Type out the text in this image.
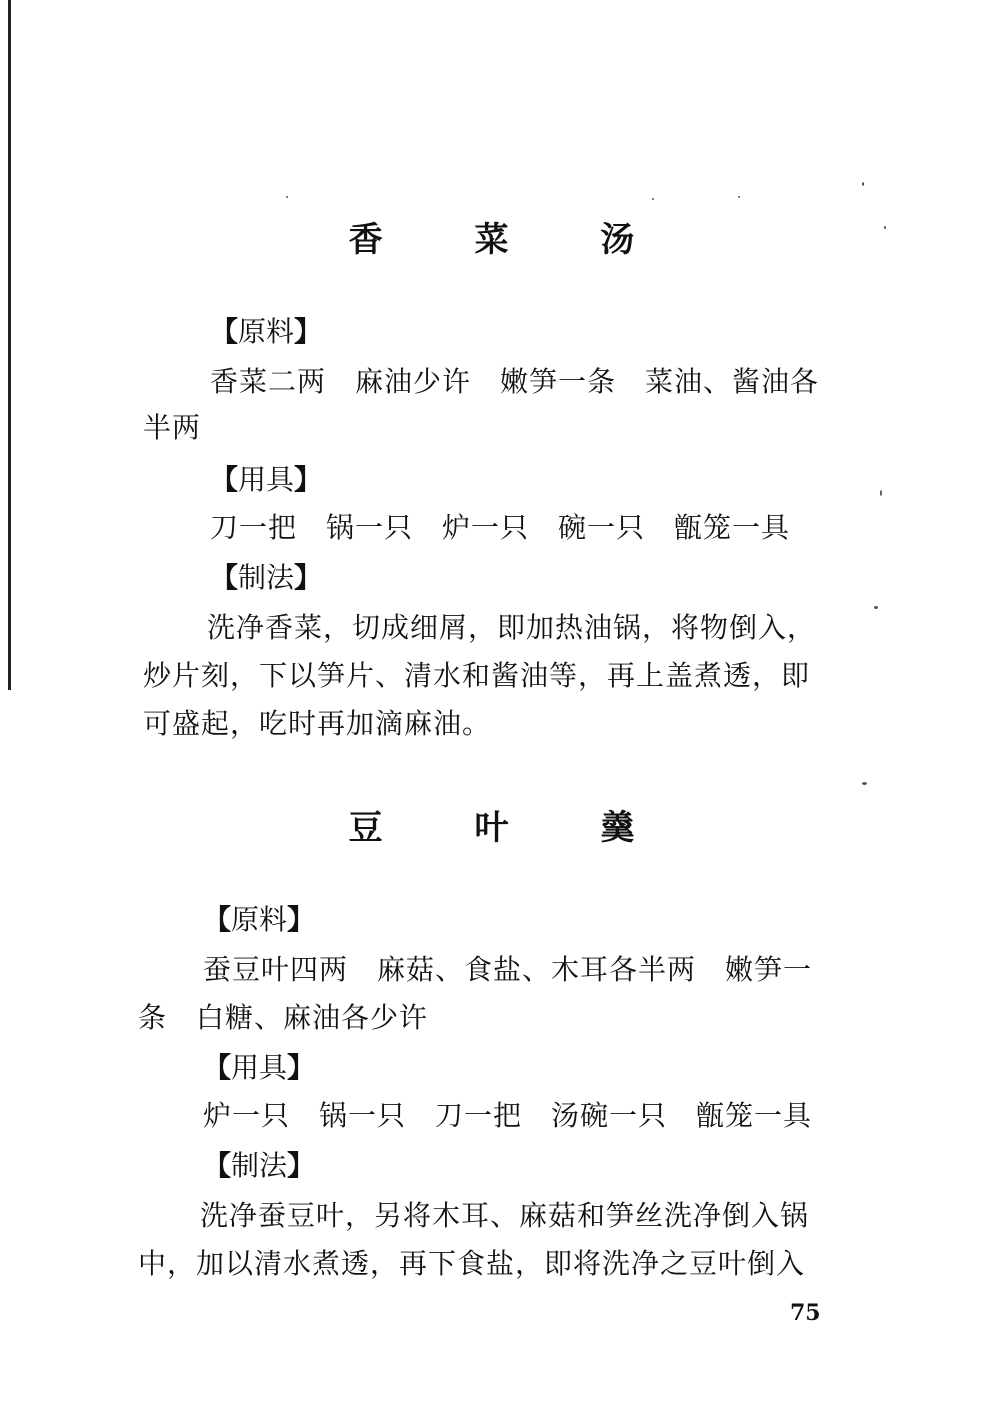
香 菜 汤
【原料】
香菜二两　麻油少许　嫩笋一条　菜油、酱油各
半两
【用具】
刀一把　锅一只　炉一只　碗一只　甑笼一具
【制法】
洗净香菜，切成细屑，即加热油锅，将物倒入，
炒片刻，下以笋片、清水和酱油等，再上盖煮透，即
可盛起，吃时再加滴麻油。
豆 叶 羹
【原料】
蚕豆叶四两　麻菇、食盐、木耳各半两　嫩笋一
条　白糖、麻油各少许
【用具】
炉一只　锅一只　刀一把　汤碗一只　甑笼一具
【制法】
洗净蚕豆叶，另将木耳、麻菇和笋丝洗净倒入锅
中，加以清水煮透，再下食盐，即将洗净之豆叶倒入
75
